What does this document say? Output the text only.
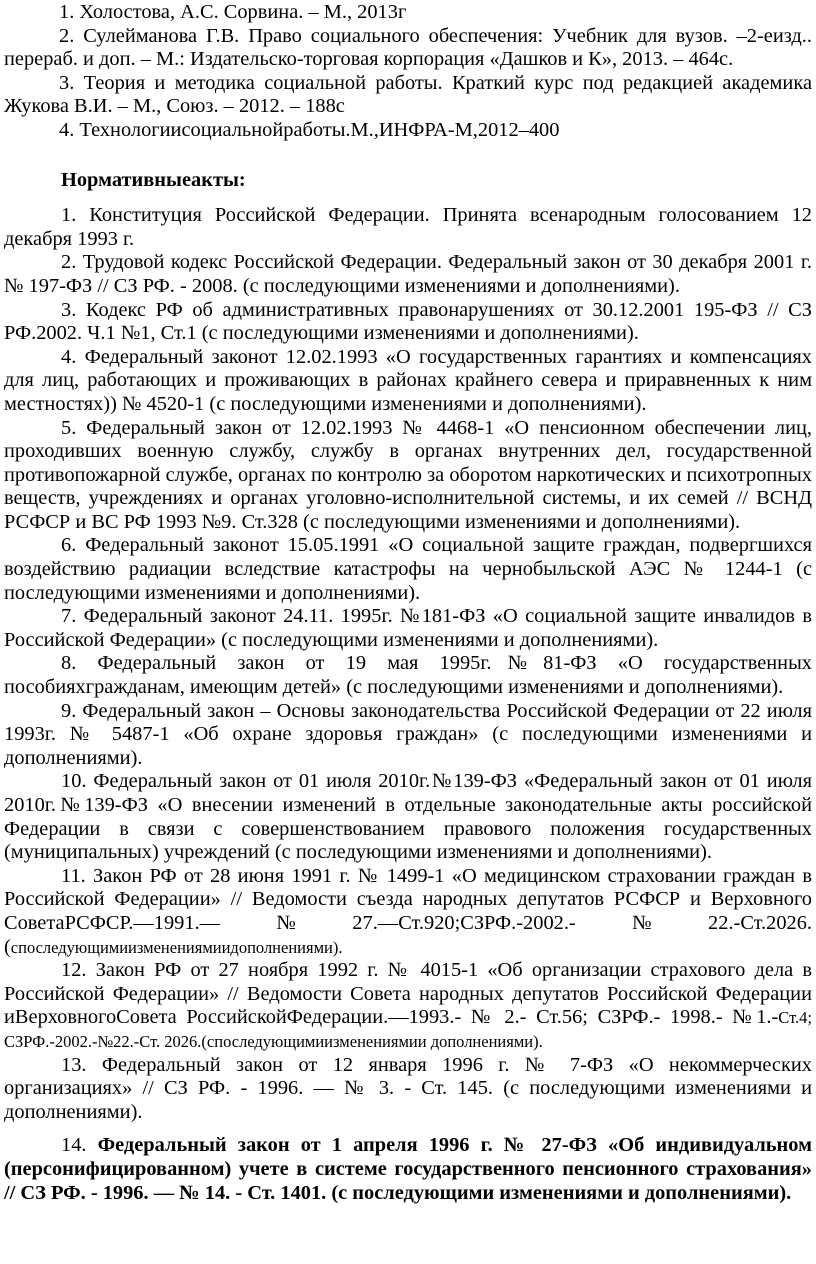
1. Холостова, А.С. Сорвина. – М., 2013г

2. Сулейманова Г.В. Право социального обеспечения: Учебник для вузов. –2-еизд.. перераб. и доп. – М.: Издательско-торговая корпорация «Дашков и К», 2013. – 464с.

3. Теория и методика социальной работы. Краткий курс под редакцией академика Жукова В.И. – М., Союз. – 2012. – 188с

4. Технологиисоциальнойработы.М.,ИНФРА-М,2012–400

Нормативныеакты:

1. Конституция Российской Федерации. Принята всенародным голосованием 12 декабря 1993 г.

2. Трудовой кодекс Российской Федерации. Федеральный закон от 30 декабря 2001 г. № 197-ФЗ // СЗ РФ. - 2008. (с последующими изменениями и дополнениями).

3. Кодекс РФ об административных правонарушениях от 30.12.2001 195-ФЗ // СЗ РФ.2002. Ч.1 №1, Ст.1 (с последующими изменениями и дополнениями).

4. Федеральный законот 12.02.1993 «О государственных гарантиях и компенсациях для лиц, работающих и проживающих в районах крайнего севера и приравненных к ним местностях)) № 4520-1 (с последующими изменениями и дополнениями).

5. Федеральный закон от 12.02.1993 № 4468-1 «О пенсионном обеспечении лиц, проходивших военную службу, службу в органах внутренних дел, государственной противопожарной службе, органах по контролю за оборотом наркотических и психотропных веществ, учреждениях и органах уголовно-исполнительной системы, и их семей // ВСНД РСФСР и ВС РФ 1993 №9. Ст.328 (с последующими изменениями и дополнениями).

6. Федеральный законот 15.05.1991 «О социальной защите граждан, подвергшихся воздействию радиации вследствие катастрофы на чернобыльской АЭС № 1244-1 (с последующими изменениями и дополнениями).

7. Федеральный законот 24.11. 1995г. №181-ФЗ «О социальной защите инвалидов в Российской Федерации» (с последующими изменениями и дополнениями).

8. Федеральный закон от 19 мая 1995г.№81-ФЗ «О государственных пособияхгражданам, имеющим детей» (с последующими изменениями и дополнениями).

9. Федеральный закон – Основы законодательства Российской Федерации от 22 июля 1993г. № 5487-1 «Об охране здоровья граждан» (с последующими изменениями и дополнениями).

10. Федеральный закон от 01 июля 2010г.№139-ФЗ «Федеральный закон от 01 июля 2010г.№139-ФЗ «О внесении изменений в отдельные законодательные акты российской Федерации в связи с совершенствованием правового положения государственных (муниципальных) учреждений (с последующими изменениями и дополнениями).

11. Закон РФ от 28 июня 1991 г. № 1499-1 «О медицинском страховании граждан в Российской Федерации» // Ведомости съезда народных депутатов РСФСР и Верховного СоветаРСФСР.—1991.—№27.—Ст.920;СЗРФ.-2002.-№22.-Ст.2026.(споследующимиизменениямиидополнениями).

12. Закон РФ от 27 ноября 1992 г. № 4015-1 «Об организации страхового дела в Российской Федерации» // Ведомости Совета народных депутатов Российской Федерации иВерховногоСовета РоссийскойФедерации.—1993.- № 2.- Ст.56; СЗРФ.- 1998.- №1.-Ст.4; СЗРФ.-2002.-№22.-Ст. 2026.(споследующимиизменениямии дополнениями).

13. Федеральный закон от 12 января 1996 г. № 7-ФЗ «О некоммерческих организациях» // СЗ РФ. - 1996. — № 3. - Ст. 145. (с последующими изменениями и дополнениями).

14. Федеральный закон от 1 апреля 1996 г. № 27-ФЗ «Об индивидуальном (персонифицированном) учете в системе государственного пенсионного страхования» // СЗ РФ. - 1996. — № 14. - Ст. 1401. (с последующими изменениями и дополнениями).
